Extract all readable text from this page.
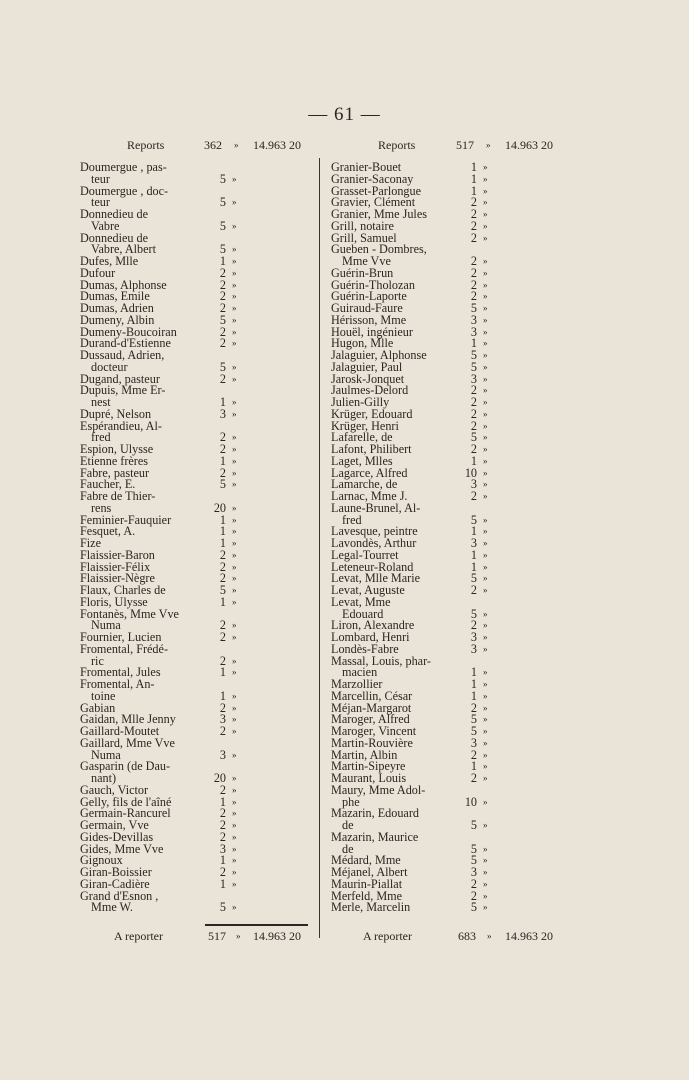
— 61 —
Reports	362 » 14.963 20
Doumergue , pas-
teur	5 »
Doumergue , doc-
teur	5 »
Donnedieu de
Vabre	5 »
Donnedieu de
Vabre, Albert	5 »
Dufes, Mlle	1 »
Dufour	2 »
Dumas, Alphonse	2 »
Dumas, Emile	2 »
Dumas, Adrien	2 »
Dumeny, Albin	5 »
Dumeny-Boucoiran	2 »
Durand-d'Estienne	2 »
Dussaud, Adrien,
docteur	5 »
Dugand, pasteur	2 »
Dupuis, Mme Er-
nest	1 »
Dupré, Nelson	3 »
Espérandieu, Al-
fred	2 »
Espion, Ulysse	2 »
Etienne frères	1 »
Fabre, pasteur	2 »
Faucher, E.	5 »
Fabre de Thier-
rens	20 »
Feminier-Fauquier	1 »
Fesquet, A.	1 »
Fize	1 »
Flaissier-Baron	2 »
Flaissier-Félix	2 »
Flaissier-Nègre	2 »
Flaux, Charles de	5 »
Floris, Ulysse	1 »
Fontanès, Mme Vve
Numa	2 »
Fournier, Lucien	2 »
Fromental, Frédé-
ric	2 »
Fromental, Jules	1 »
Fromental, An-
toine	1 »
Gabian	2 »
Gaidan, Mlle Jenny	3 »
Gaillard-Moutet	2 »
Gaillard, Mme Vve
Numa	3 »
Gasparin (de Dau-
nant)	20 »
Gauch, Victor	2 »
Gelly, fils de l'aîné	1 »
Germain-Rancurel	2 »
Germain, Vve	2 »
Gides-Devillas	2 »
Gides, Mme Vve	3 »
Gignoux	1 »
Giran-Boissier	2 »
Giran-Cadière	1 »
Grand d'Esnon ,
Mme W.	5 »
Reports	517 » 14.963 20
Granier-Bouet	1 »
Granier-Saconay	1 »
Grasset-Parlongue	1 »
Gravier, Clément	2 »
Granier, Mme Jules	2 »
Grill, notaire	2 »
Grill, Samuel	2 »
Gueben - Dombres,
Mme Vve	2 »
Guérin-Brun	2 »
Guérin-Tholozan	2 »
Guérin-Laporte	2 »
Guiraud-Faure	5 »
Hérisson, Mme	3 »
Houël, ingénieur	3 »
Hugon, Mlle	1 »
Jalaguier, Alphonse	5 »
Jalaguier, Paul	5 »
Jarosk-Jonquet	3 »
Jaulmes-Delord	2 »
Julien-Gilly	2 »
Krüger, Edouard	2 »
Krüger, Henri	2 »
Lafarelle, de	5 »
Lafont, Philibert	2 »
Laget, Mlles	1 »
Lagarce, Alfred	10 »
Lamarche, de	3 »
Larnac, Mme J.	2 »
Laune-Brunel, Al-
fred	5 »
Lavesque, peintre	1 »
Lavondès, Arthur	3 »
Legal-Tourret	1 »
Leteneur-Roland	1 »
Levat, Mlle Marie	5 »
Levat, Auguste	2 »
Levat, Mme
Edouard	5 »
Liron, Alexandre	2 »
Lombard, Henri	3 »
Londès-Fabre	3 »
Massal, Louis, phar-
macien	1 »
Marzollier	1 »
Marcellin, César	1 »
Méjan-Margarot	2 »
Maroger, Alfred	5 »
Maroger, Vincent	5 »
Martin-Rouvière	3 »
Martin, Albin	2 »
Martin-Sipeyre	1 »
Maurant, Louis	2 »
Maury, Mme Adol-
phe	10 »
Mazarin, Edouard
de	5 »
Mazarin, Maurice
de	5 »
Médard, Mme	5 »
Méjanel, Albert	3 »
Maurin-Piallat	2 »
Merfeld, Mme	2 »
Merle, Marcelin	5 »
A reporter	517 » 14.963 20	A reporter	683 » 14.963 20
